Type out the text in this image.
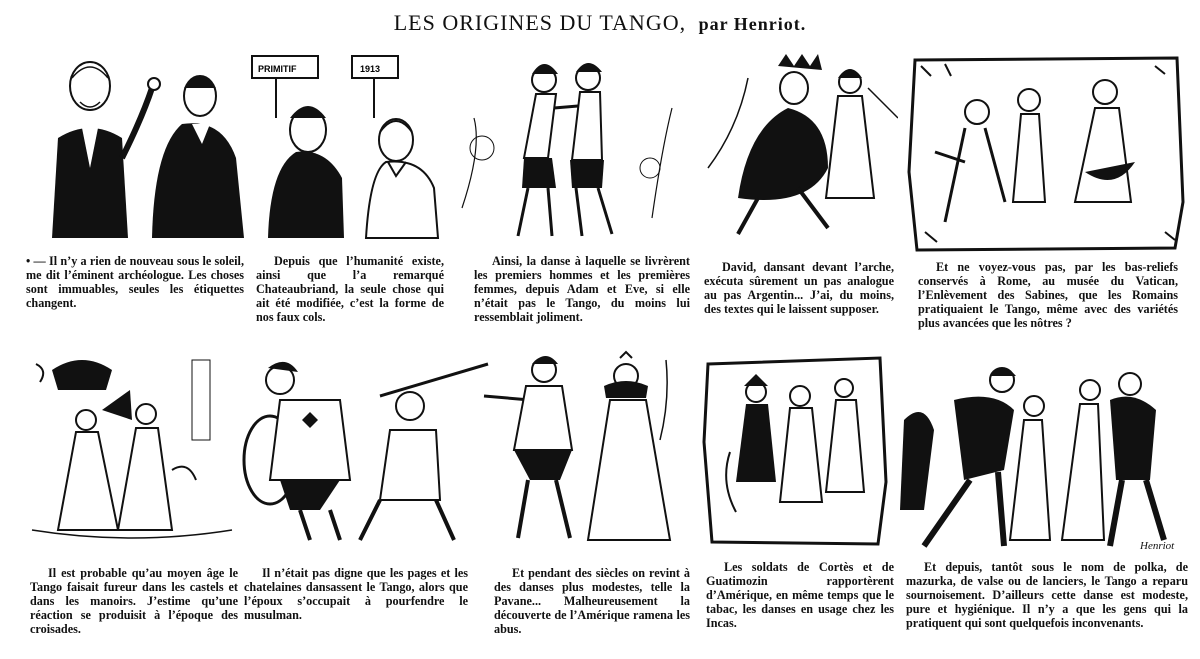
LES ORIGINES DU TANGO, par Henriot.
PRIMITIF	1913

• — Il n’y a rien de nouveau sous le soleil, me dit l’éminent archéologue. Les choses sont immuables, seules les étiquettes changent.

Depuis que l’humanité existe, ainsi que l’a remarqué Chateaubriand, la seule chose qui ait été modifiée, c’est la forme de nos faux cols.

Ainsi, la danse à laquelle se livrèrent les premiers hommes et les premières femmes, depuis Adam et Eve, si elle n’était pas le Tango, du moins lui ressemblait joliment.

David, dansant devant l’arche, exécuta sûrement un pas analogue au pas Argentin... J’ai, du moins, des textes qui le laissent supposer.

Et ne voyez-vous pas, par les bas-reliefs conservés à Rome, au musée du Vatican, l’Enlèvement des Sabines, que les Romains pratiquaient le Tango, même avec des variétés plus avancées que les nôtres ?

Henriot

Il est probable qu’au moyen âge le Tango faisait fureur dans les castels et dans les manoirs. J’estime qu’une réaction se produisit à l’époque des croisades.

Il n’était pas digne que les pages et les chatelaines dansassent le Tango, alors que l’époux s’occupait à pourfendre le musulman.

Et pendant des siècles on revint à des danses plus modestes, telle la Pavane... Malheureusement la découverte de l’Amérique ramena les abus.

Les soldats de Cortès et de Guatimozin rapportèrent d’Amérique, en même temps que le tabac, les danses en usage chez les Incas.

Et depuis, tantôt sous le nom de polka, de mazurka, de valse ou de lanciers, le Tango a reparu sournoisement. D’ailleurs cette danse est modeste, pure et hygiénique. Il n’y a que les gens qui la pratiquent qui sont quelquefois inconvenants.
